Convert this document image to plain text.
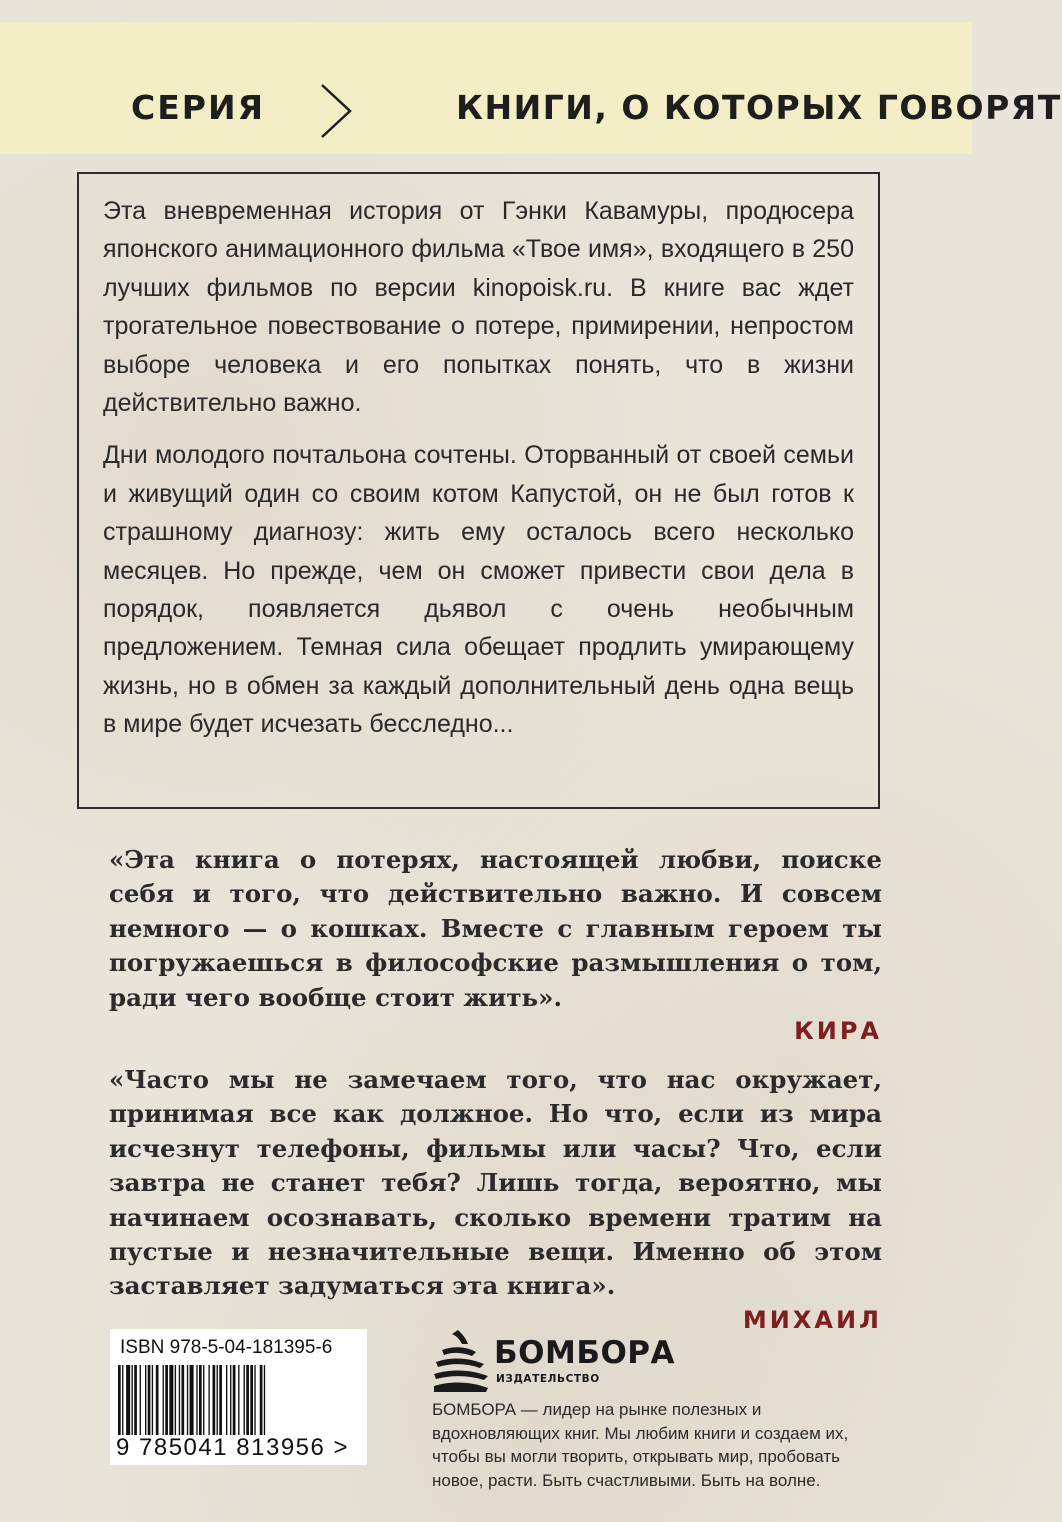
СЕРИЯ	КНИГИ, О КОТОРЫХ ГОВОРЯТ

Эта вневременная история от Гэнки Кавамуры, продюсера японского анимационного фильма «Твое имя», входящего в 250 лучших фильмов по версии kinopoisk.ru. В книге вас ждет трогательное повествование о потере, примирении, непростом выборе человека и его попытках понять, что в жизни действительно важно.

Дни молодого почтальона сочтены. Оторванный от своей семьи и живущий один со своим котом Капустой, он не был готов к страшному диагнозу: жить ему осталось всего несколько месяцев. Но прежде, чем он сможет привести свои дела в порядок, появляется дьявол с очень необычным предложением. Темная сила обещает продлить умирающему жизнь, но в обмен за каждый дополнительный день одна вещь в мире будет исчезать бесследно...

«Эта книга о потерях, настоящей любви, поиске себя и того, что действительно важно. И совсем немного — о кошках. Вместе с главным героем ты погружаешься в философские размышления о том, ради чего вообще стоит жить».

КИРА

«Часто мы не замечаем того, что нас окружает, принимая все как должное. Но что, если из мира исчезнут телефоны, фильмы или часы? Что, если завтра не станет тебя? Лишь тогда, вероятно, мы начинаем осознавать, сколько времени тратим на пустые и незначительные вещи. Именно об этом заставляет задуматься эта книга».

МИХАИЛ
ISBN 978-5-04-181395-6
9 785041 813956 >
БОМБОРА
ИЗДАТЕЛЬСТВО
БОМБОРА — лидер на рынке полезных и вдохновляющих книг. Мы любим книги и создаем их, чтобы вы могли творить, открывать мир, пробовать новое, расти. Быть счастливыми. Быть на волне.
